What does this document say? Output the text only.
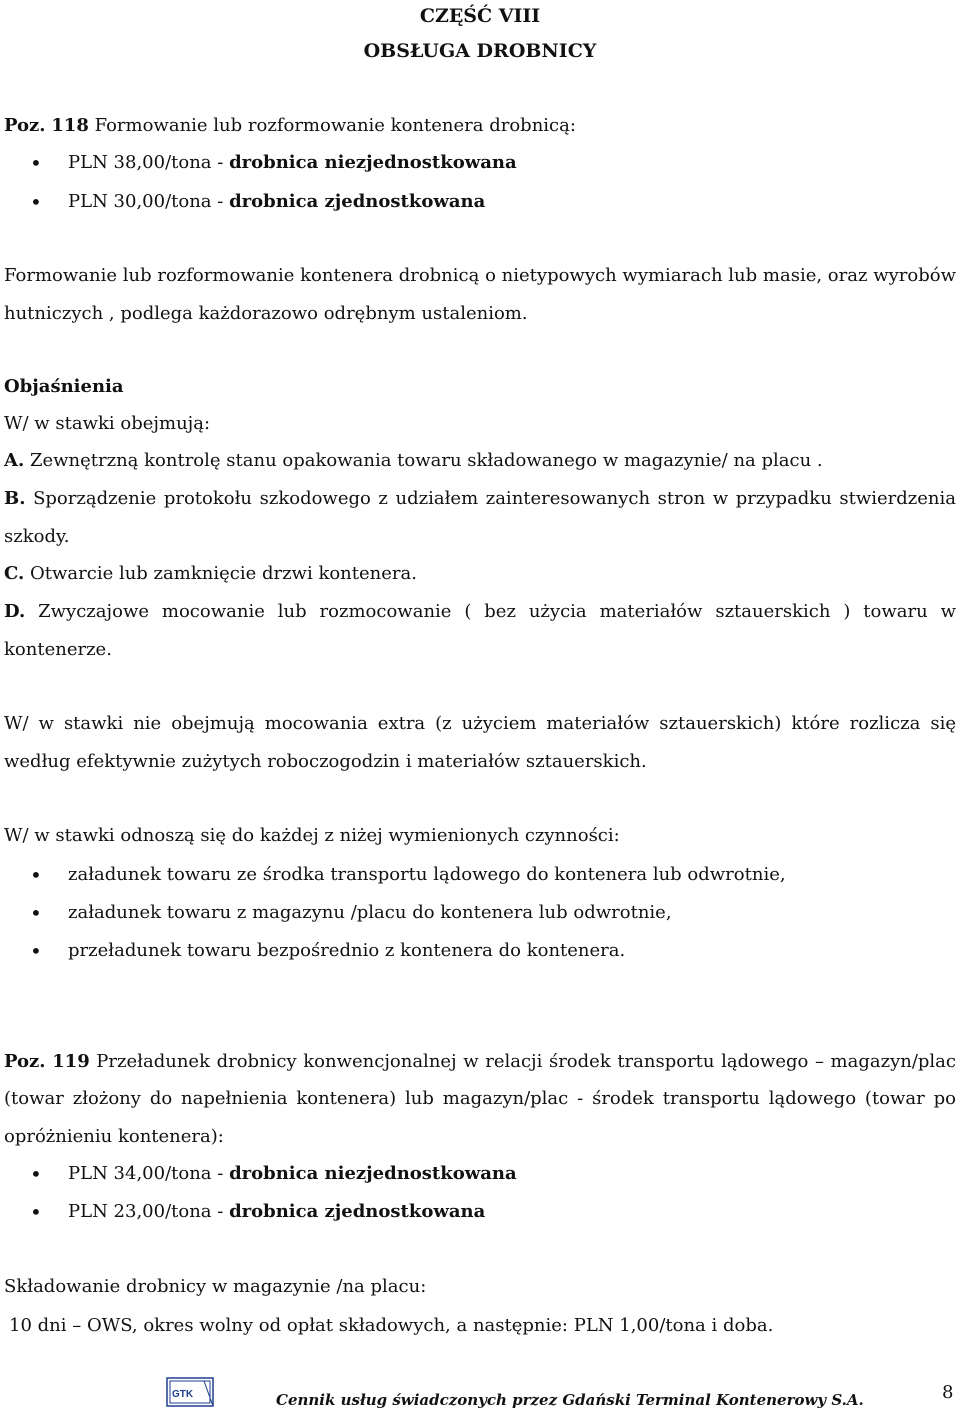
CZĘŚĆ VIII

OBSŁUGA DROBNICY

Poz. 118 Formowanie lub rozformowanie kontenera drobnicą:

•

PLN 38,00/tona - drobnica niezjednostkowana

•

PLN 30,00/tona - drobnica zjednostkowana

Formowanie lub rozformowanie kontenera drobnicą o nietypowych wymiarach lub masie, oraz wyrobów

hutniczych , podlega każdorazowo odrębnym ustaleniom.

Objaśnienia

W/ w stawki obejmują:

A. Zewnętrzną kontrolę stanu opakowania towaru składowanego w magazynie/ na placu .

B. Sporządzenie protokołu szkodowego z udziałem zainteresowanych stron w przypadku stwierdzenia

szkody.

C. Otwarcie lub zamknięcie drzwi kontenera.

D. Zwyczajowe mocowanie lub rozmocowanie ( bez użycia materiałów sztauerskich ) towaru w

kontenerze.

W/ w stawki nie obejmują mocowania extra (z użyciem materiałów sztauerskich) które rozlicza się

według efektywnie zużytych roboczogodzin i materiałów sztauerskich.

W/ w stawki odnoszą się do każdej z niżej wymienionych czynności:

•

załadunek towaru ze środka transportu lądowego do kontenera lub odwrotnie,

•

załadunek towaru z magazynu /placu do kontenera lub odwrotnie,

•

przeładunek towaru bezpośrednio z kontenera do kontenera.

Poz. 119 Przeładunek drobnicy konwencjonalnej w relacji środek transportu lądowego – magazyn/plac

(towar złożony do napełnienia kontenera) lub magazyn/plac - środek transportu lądowego (towar po

opróżnieniu kontenera):

•

PLN 34,00/tona - drobnica niezjednostkowana

•

PLN 23,00/tona - drobnica zjednostkowana

Składowanie drobnicy w magazynie /na placu:

10 dni – OWS, okres wolny od opłat składowych, a następnie: PLN 1,00/tona i doba.

GTK	Cennik usług świadczonych przez Gdański Terminal Kontenerowy S.A.	8
